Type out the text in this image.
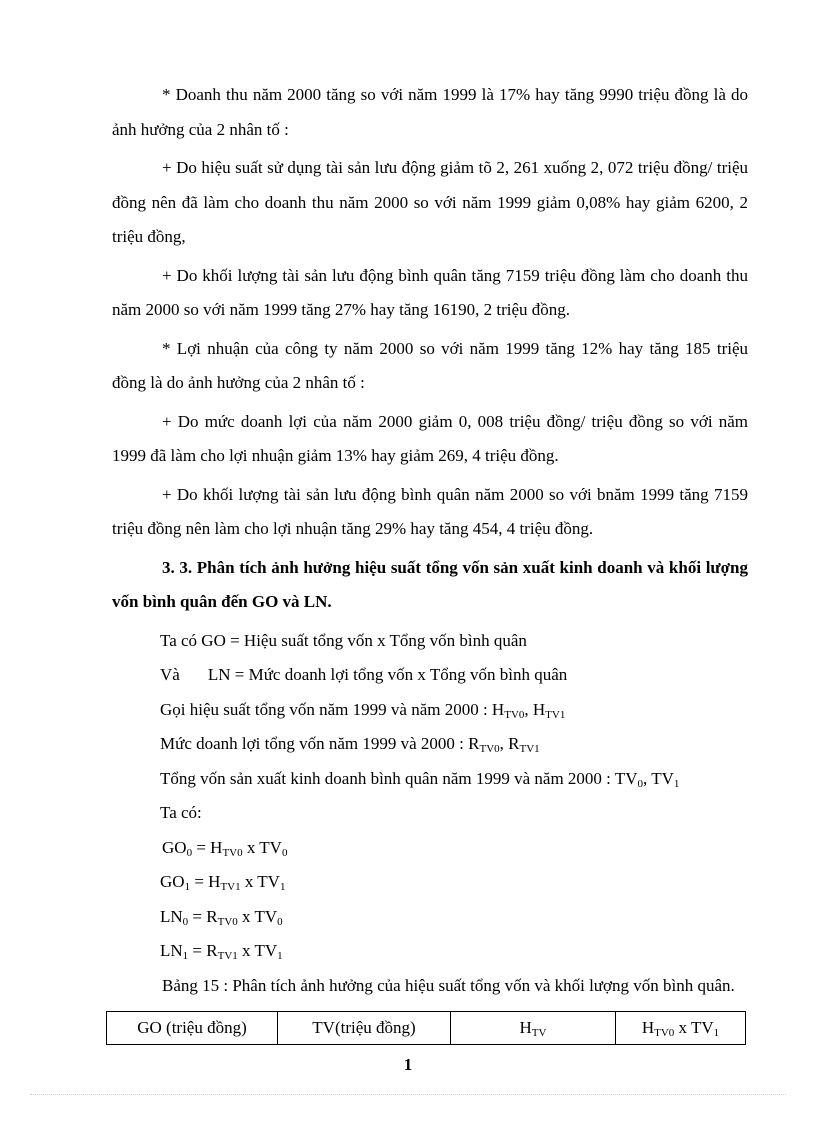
* Doanh thu năm 2000 tăng so với năm 1999 là 17% hay tăng 9990 triệu đồng là do ảnh hưởng của 2 nhân tố :

+ Do hiệu suất sử dụng tài sản lưu động giảm tõ 2, 261 xuống 2, 072 triệu đồng/ triệu đồng nên đã làm cho doanh thu năm 2000 so với năm 1999 giảm 0,08% hay giảm 6200, 2 triệu đồng,

+ Do khối lượng tài sản lưu động bình quân tăng 7159 triệu đồng làm cho doanh thu năm 2000 so với năm 1999 tăng 27% hay tăng 16190, 2 triệu đồng.

* Lợi nhuận của công ty năm 2000 so với năm 1999 tăng 12% hay tăng 185 triệu đồng là do ảnh hưởng của 2 nhân tố :

+ Do mức doanh lợi của năm 2000 giảm 0, 008 triệu đồng/ triệu đồng so với năm 1999 đã làm cho lợi nhuận giảm 13% hay giảm 269, 4 triệu đồng.

+ Do khối lượng tài sản lưu động bình quân năm 2000 so với bnăm 1999 tăng 7159 triệu đồng nên làm cho lợi nhuận tăng 29% hay tăng 454, 4 triệu đồng.

3. 3. Phân tích ảnh hưởng hiệu suất tổng vốn sản xuất kinh doanh và khối lượng vốn bình quân đến GO và LN.

Ta có GO = Hiệu suất tổng vốn x Tổng vốn bình quân

Và LN = Mức doanh lợi tổng vốn x Tổng vốn bình quân

Gọi hiệu suất tổng vốn năm 1999 và năm 2000 : $H_{TV0}$, $H_{TV1}$

Mức doanh lợi tổng vốn năm 1999 và 2000 : $R_{TV0}$, $R_{TV1}$

Tổng vốn sản xuất kinh doanh bình quân năm 1999 và năm 2000 : $TV_0$, $TV_1$

Ta có:

$GO_0 = H_{TV0}$ x $TV_0$

$GO_1 = H_{TV1}$ x $TV_1$

$LN_0 = R_{TV0}$ x $TV_0$

$LN_1 = R_{TV1}$ x $TV_1$

Bảng 15 : Phân tích ảnh hưởng của hiệu suất tổng vốn và khối lượng vốn bình quân.

GO (triệu đồng)	TV(triệu đồng)	$H_{TV}$	$H_{TV0}$ x $TV_1$
1
